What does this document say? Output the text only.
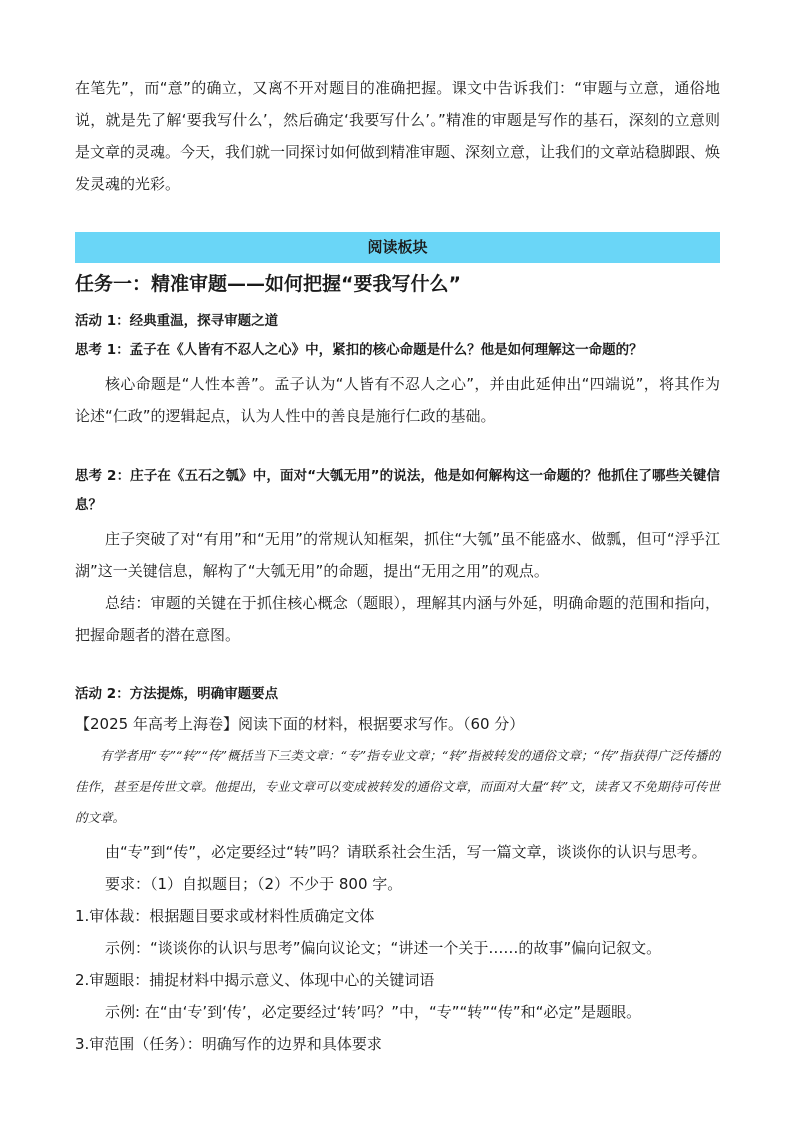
在笔先”，而“意”的确立，又离不开对题目的准确把握。课文中告诉我们：“审题与立意，通俗地说，就是先了解‘要我写什么’，然后确定‘我要写什么’。”精准的审题是写作的基石，深刻的立意则是文章的灵魂。今天，我们就一同探讨如何做到精准审题、深刻立意，让我们的文章站稳脚跟、焕发灵魂的光彩。

阅读板块
任务一：精准审题——如何把握“要我写什么”
活动 1：经典重温，探寻审题之道
思考 1：孟子在《人皆有不忍人之心》中，紧扣的核心命题是什么？他是如何理解这一命题的？

核心命题是“人性本善”。孟子认为“人皆有不忍人之心”，并由此延伸出“四端说”，将其作为论述“仁政”的逻辑起点，认为人性中的善良是施行仁政的基础。

思考 2：庄子在《五石之瓠》中，面对“大瓠无用”的说法，他是如何解构这一命题的？他抓住了哪些关键信息？

庄子突破了对“有用”和“无用”的常规认知框架，抓住“大瓠”虽不能盛水、做瓢，但可“浮乎江湖”这一关键信息，解构了“大瓠无用”的命题，提出“无用之用”的观点。

总结：审题的关键在于抓住核心概念（题眼），理解其内涵与外延，明确命题的范围和指向，把握命题者的潜在意图。

活动 2：方法提炼，明确审题要点
【2025 年高考上海卷】阅读下面的材料，根据要求写作。（60 分）

有学者用“专”“转”“传”概括当下三类文章：“专”指专业文章；“转”指被转发的通俗文章；“传”指获得广泛传播的佳作，甚至是传世文章。他提出，专业文章可以变成被转发的通俗文章，而面对大量“转”文，读者又不免期待可传世的文章。

由“专”到“传”，必定要经过“转”吗？请联系社会生活，写一篇文章，谈谈你的认识与思考。

要求：（1）自拟题目；（2）不少于 800 字。
1.审体裁：根据题目要求或材料性质确定文体
示例：“谈谈你的认识与思考”偏向议论文；“讲述一个关于……的故事”偏向记叙文。
2.审题眼：捕捉材料中揭示意义、体现中心的关键词语
示例: 在“由‘专’到‘传’，必定要经过‘转’吗？”中，“专”“转”“传”和“必定”是题眼。
3.审范围（任务）：明确写作的边界和具体要求
